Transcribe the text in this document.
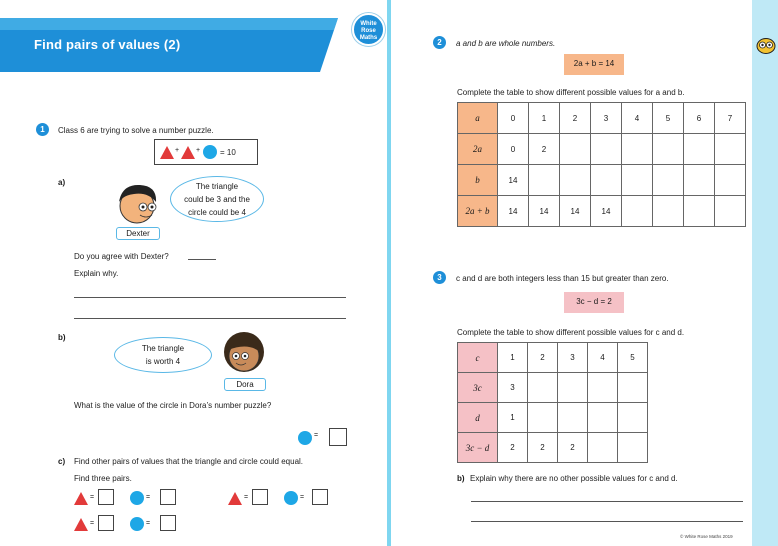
Find pairs of values (2)
White
Rose
Maths
1	Class 6 are trying to solve a number puzzle.
+ + = 10
a)	The triangle
could be 3 and the
circle could be 4
Dexter
Do you agree with Dexter?
Explain why.
b)
The triangle
is worth 4
Dora
What is the value of the circle in Dora’s number puzzle?
=
c) Find other pairs of values that the triangle and circle could equal.
Find three pairs.
=	=	=	=
=	=
2	a and b are whole numbers.
2a + b = 14
Complete the table to show different possible values for a and b.
a	0	1	2	3	4	5	6	7
2a	0	2						
b	14							
2a + b	14	14	14	14				
3	c and d are both integers less than 15 but greater than zero.
3c − d = 2
Complete the table to show different possible values for c and d.
c	1	2	3	4	5
3c	3				
d	1				
3c − d	2	2	2		
b) Explain why there are no other possible values for c and d.
© White Rose Maths 2019
